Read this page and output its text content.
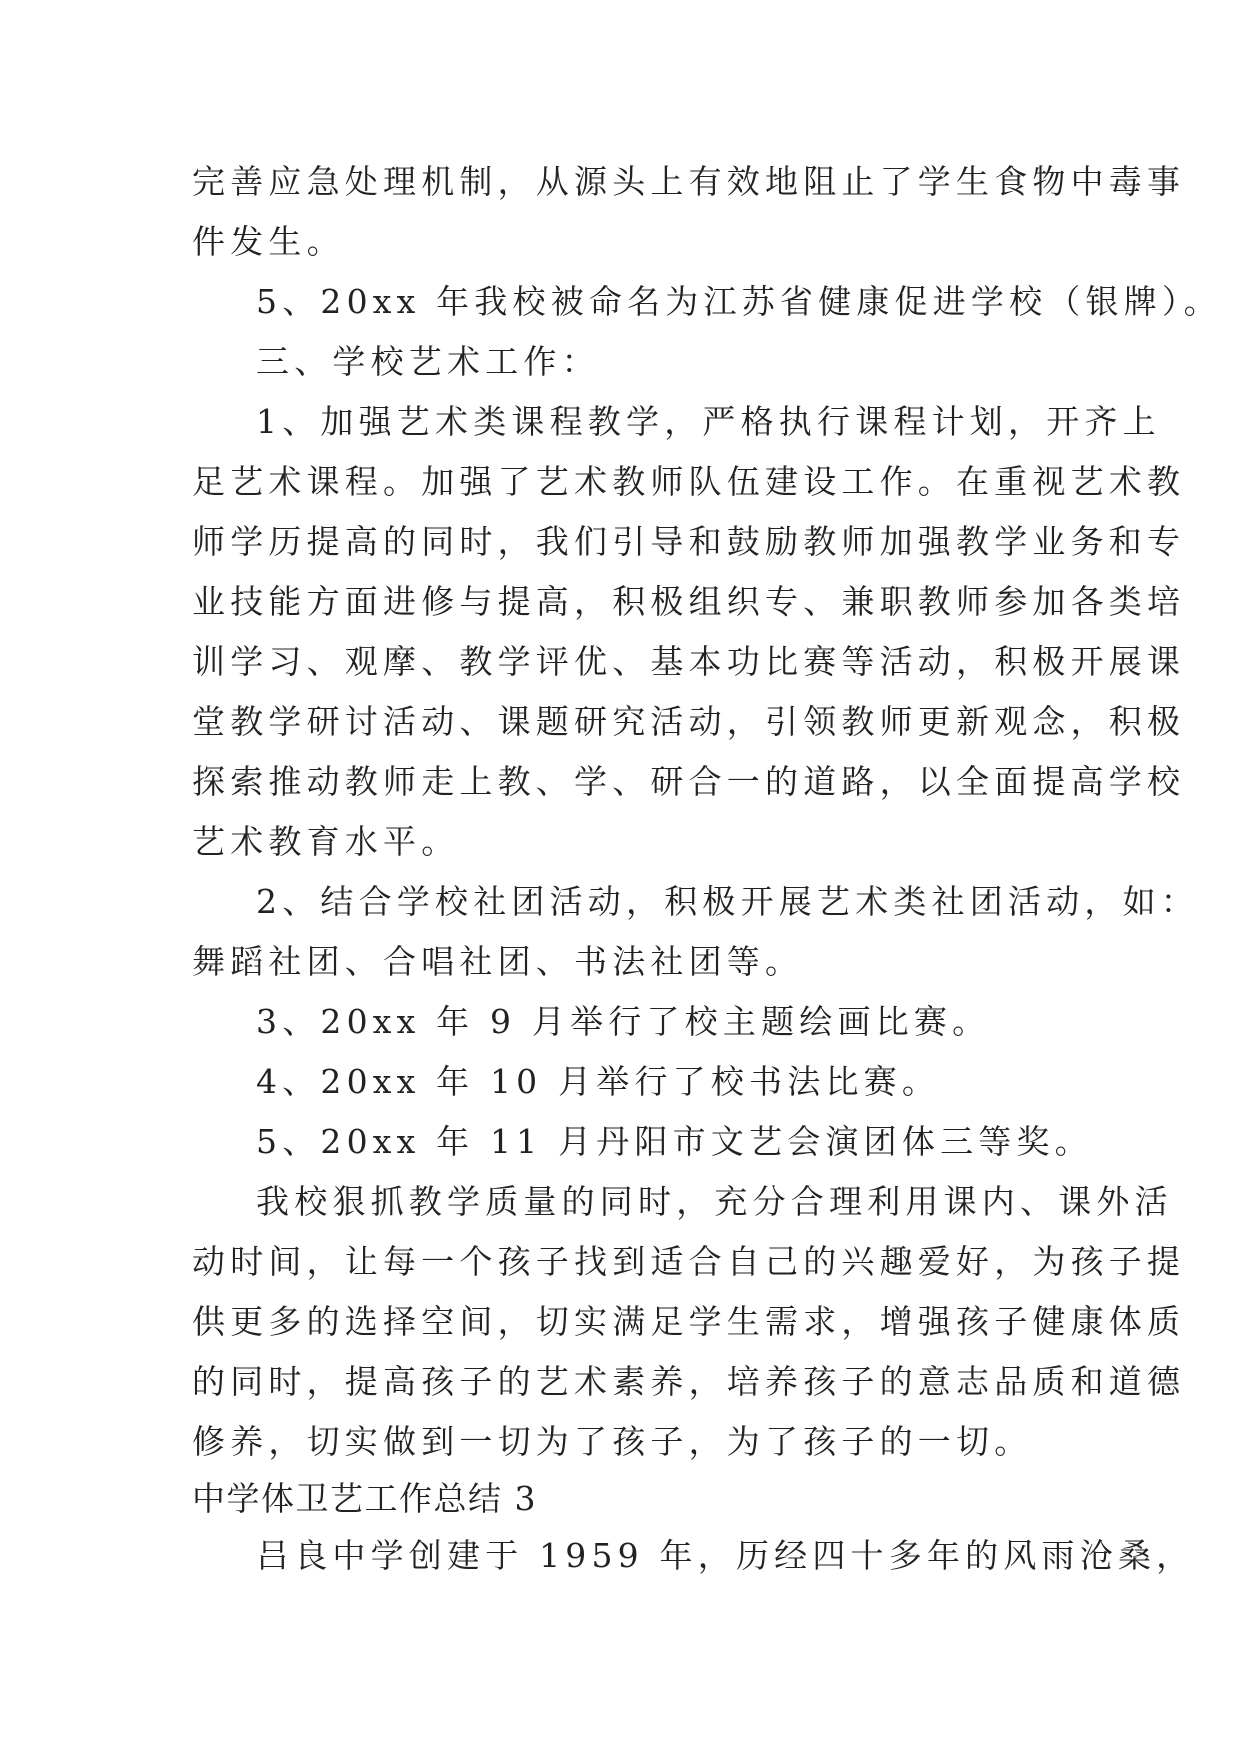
完善应急处理机制，从源头上有效地阻止了学生食物中毒事
件发生。
5、20xx 年我校被命名为江苏省健康促进学校（银牌）。
三、学校艺术工作：
1、加强艺术类课程教学，严格执行课程计划，开齐上
足艺术课程。加强了艺术教师队伍建设工作。在重视艺术教
师学历提高的同时，我们引导和鼓励教师加强教学业务和专
业技能方面进修与提高，积极组织专、兼职教师参加各类培
训学习、观摩、教学评优、基本功比赛等活动，积极开展课
堂教学研讨活动、课题研究活动，引领教师更新观念，积极
探索推动教师走上教、学、研合一的道路，以全面提高学校
艺术教育水平。
2、结合学校社团活动，积极开展艺术类社团活动，如：
舞蹈社团、合唱社团、书法社团等。
3、20xx 年 9 月举行了校主题绘画比赛。
4、20xx 年 10 月举行了校书法比赛。
5、20xx 年 11 月丹阳市文艺会演团体三等奖。
我校狠抓教学质量的同时，充分合理利用课内、课外活
动时间，让每一个孩子找到适合自己的兴趣爱好，为孩子提
供更多的选择空间，切实满足学生需求，增强孩子健康体质
的同时，提高孩子的艺术素养，培养孩子的意志品质和道德
修养，切实做到一切为了孩子，为了孩子的一切。
中学体卫艺工作总结 3
吕良中学创建于 1959 年，历经四十多年的风雨沧桑，
